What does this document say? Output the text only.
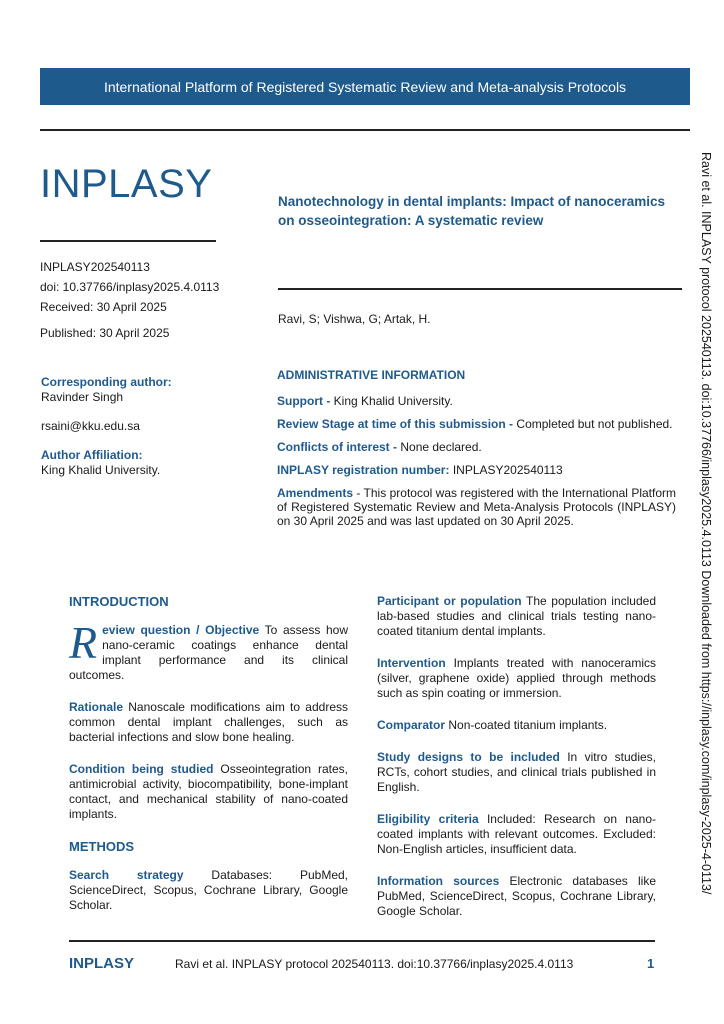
International Platform of Registered Systematic Review and Meta-analysis Protocols
INPLASY
INPLASY202540113
doi: 10.37766/inplasy2025.4.0113
Received: 30 April 2025
Published: 30 April 2025
Nanotechnology in dental implants: Impact of nanoceramics on osseointegration: A systematic review
Ravi, S; Vishwa, G; Artak, H.
Corresponding author:
Ravinder Singh
rsaini@kku.edu.sa
Author Affiliation:
King Khalid University.

ADMINISTRATIVE INFORMATION

Support - King Khalid University.

Review Stage at time of this submission - Completed but not published.

Conflicts of interest - None declared.

INPLASY registration number: INPLASY202540113

Amendments - This protocol was registered with the International Platform of Registered Systematic Review and Meta-Analysis Protocols (INPLASY) on 30 April 2025 and was last updated on 30 April 2025.

INTRODUCTION

Review question / Objective To assess how nano-ceramic coatings enhance dental implant performance and its clinical outcomes.

Rationale Nanoscale modifications aim to address common dental implant challenges, such as bacterial infections and slow bone healing.

Condition being studied Osseointegration rates, antimicrobial activity, biocompatibility, bone-implant contact, and mechanical stability of nano-coated implants.

METHODS

Search strategy Databases: PubMed, ScienceDirect, Scopus, Cochrane Library, Google Scholar.

Participant or population The population included lab-based studies and clinical trials testing nano-coated titanium dental implants.

Intervention Implants treated with nanoceramics (silver, graphene oxide) applied through methods such as spin coating or immersion.

Comparator Non-coated titanium implants.

Study designs to be included In vitro studies, RCTs, cohort studies, and clinical trials published in English.

Eligibility criteria Included: Research on nano-coated implants with relevant outcomes. Excluded: Non-English articles, insufficient data.

Information sources Electronic databases like PubMed, ScienceDirect, Scopus, Cochrane Library, Google Scholar.

Ravi et al. INPLASY protocol 202540113. doi:10.37766/inplasy2025.4.0113 Downloaded from https://inplasy.com/inplasy-2025-4-0113/
INPLASY	Ravi et al. INPLASY protocol 202540113. doi:10.37766/inplasy2025.4.0113	1
